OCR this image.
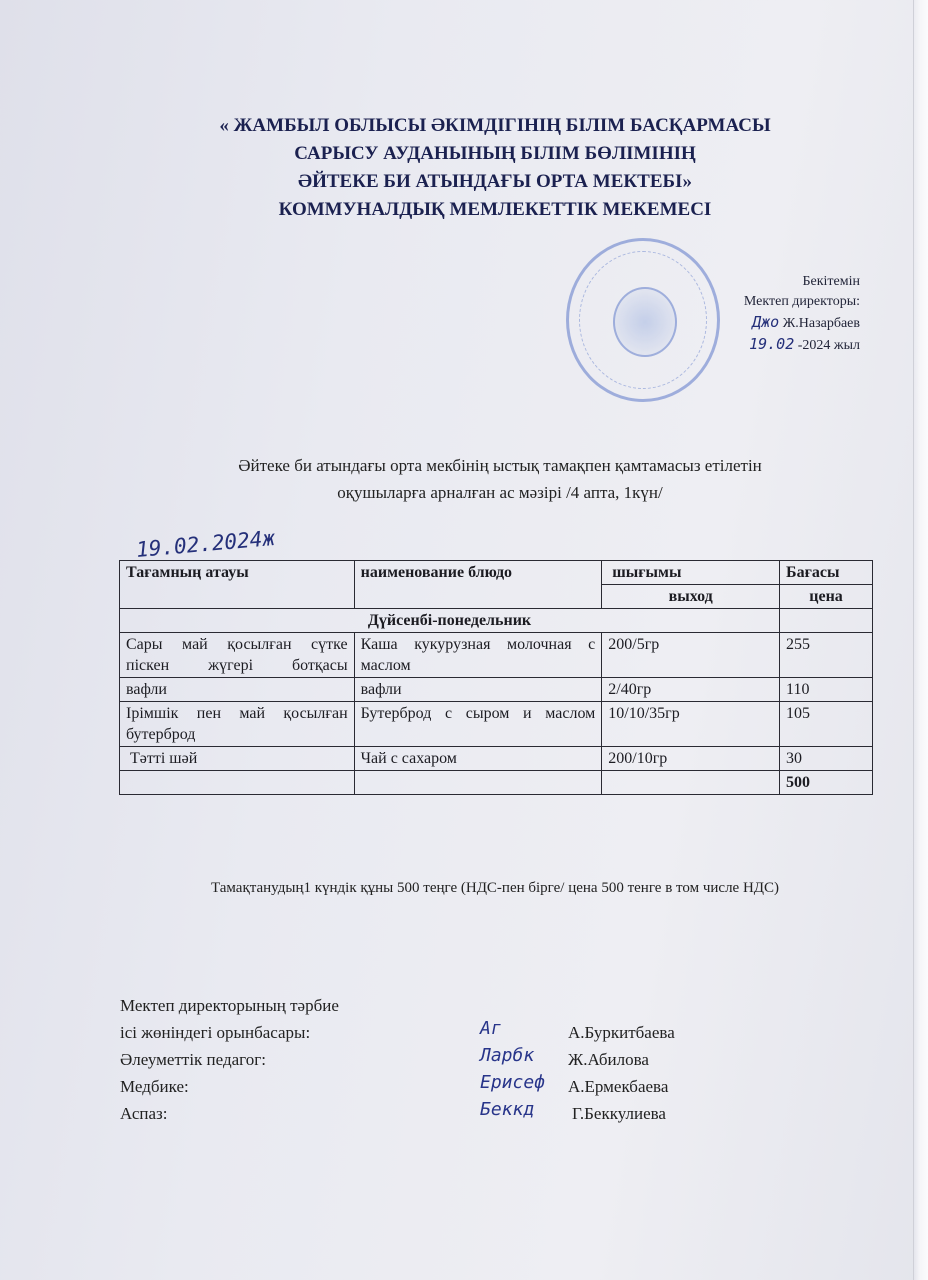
« ЖАМБЫЛ ОБЛЫСЫ ӘКІМДІГІНІҢ БІЛІМ БАСҚАРМАСЫ
САРЫСУ АУДАНЫНЫҢ БІЛІМ БӨЛІМІНІҢ
ӘЙТЕКЕ БИ АТЫНДАҒЫ ОРТА МЕКТЕБІ»
КОММУНАЛДЫҚ МЕМЛЕКЕТТІК МЕКЕМЕСІ
Бекітемін
Мектеп директоры:
Джо Ж.Назарбаев
19.02 -2024 жыл
Әйтеке би атындағы орта мекбінің ыстық тамақпен қамтамасыз етілетін
оқушыларға арналған ас мәзірі /4 апта, 1күн/
19.02.2024ж
Тағамның атауы	наименование блюдо	шығымы	Бағасы
		выход	цена
Дүйсенбі-понедельник			
Сары май қосылған сүтке піскен жүгері ботқасы	Каша кукурузная молочная с маслом	200/5гр	255
вафли	вафли	2/40гр	110
Ірімшік пен май қосылған бутерброд	Бутерброд с сыром и маслом	10/10/35гр	105
Тәтті шәй	Чай с сахаром	200/10гр	30
			500
Тамақтанудың1 күндік құны 500 теңге (НДС-пен бірге/ цена 500 тенге в том числе НДС)
Мектеп директорының тәрбие
ісі жөніндегі орынбасары:	Аг	А.Буркитбаева
Әлеуметтік педагог:	Ларбк Ж.Абилова
Медбике:	Ерисеф А.Ермекбаева
Аспаз:	Беккд Г.Беккулиева
